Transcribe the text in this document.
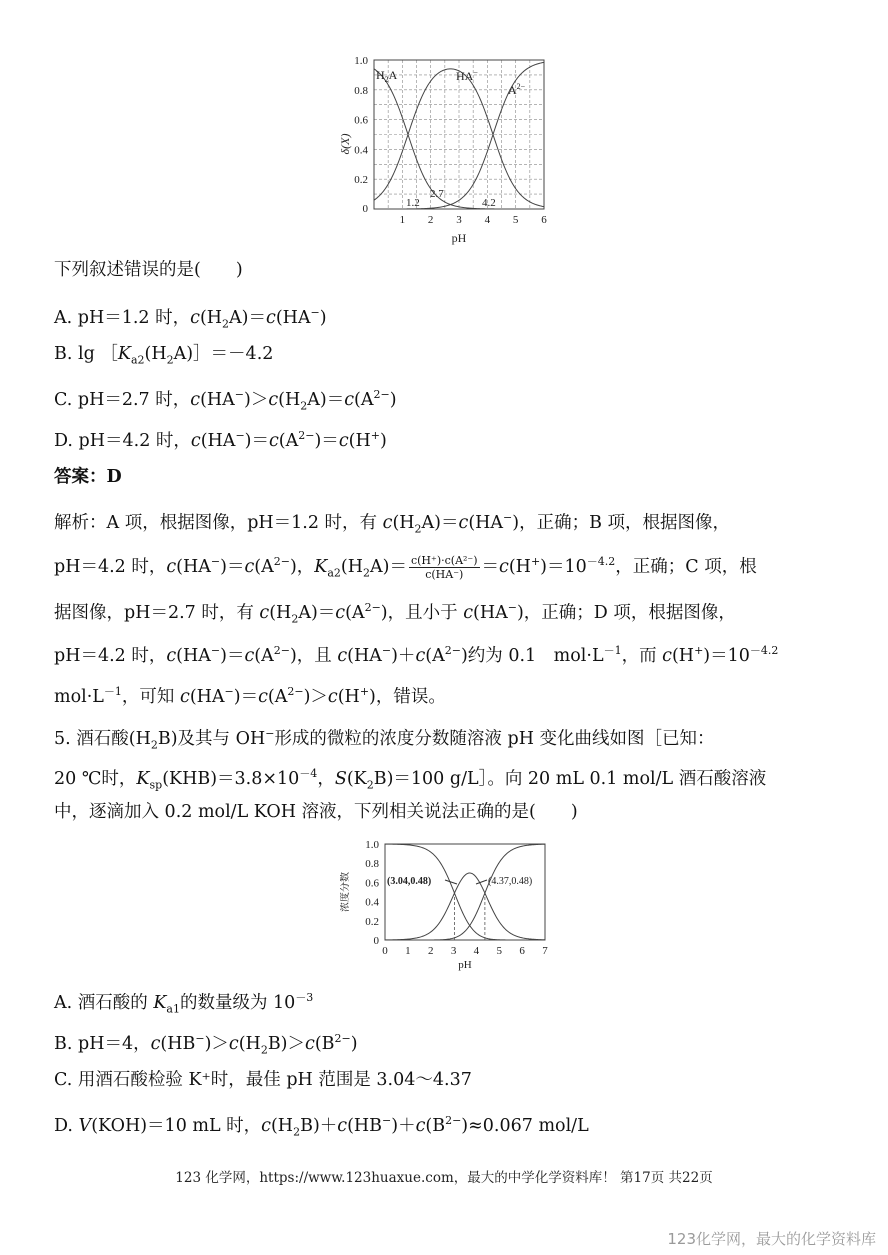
1 2 3 4 5 6
0.2
0.4
0.6
0.8
1.0
δ(X)
pH
0
$H_2A$	HA−
$A^{2-}$
1.2
2.7
4.2
下列叙述错误的是(　　)
A. pH＝1.2 时，$c(H_2A)=c(HA^-)$
B. $\lg [K_{a2}(H_2A)]=-4.2$
C. pH＝2.7 时，$c(HA^-)>c(H_2A)=c(A^{2-})$
D. pH＝4.2 时，$c(HA^-)=c(A^{2-})=c(H^+)$
答案：D
解析：A 项，根据图像，pH＝1.2 时，有 $c(H_2A)=c(HA^-)$，正确；B 项，根据图像，
pH＝4.2 时，$c(HA^-)=c(A^{2-})$，$K_{a2}(H_2A)= \frac{\text{c(H⁺)·c(A²⁻)}}{c(HA^-)} =c(H^+)=10^{-4.2}$，正确；C 项，根
据图像，pH＝2.7 时，有 $c(H_2A)=c(A^{2-})$，且小于 c(HA−)，正确；D 项，根据图像，
pH＝4.2 时，$c(HA^-)=c(A^{2-})$，且 $c(HA^-)+c(A^{2-})$约为 0.1　$mol\cdot L^{-1}$，而 $c(H^+)=10^{-4.2}$
$mol\cdot L^{-1}$，可知 $c(HA^-)=c(A^{2-})>c(H^+)$，错误。
5. 酒石酸$(H_2B)$及其与 OH−形成的微粒的浓度分数随溶液 pH 变化曲线如图［已知：
20 ℃时，$K_{sp}(KHB)=3.8\times 10^{-4}$，$S(K_2B)=100$ g/L］。向 20 mL 0.1 mol/L 酒石酸溶液
中，逐滴加入 0.2 mol/L KOH 溶液，下列相关说法正确的是(　　)
0 1 2 3 4 5 6 7
0
0.2
0.4
0.6
0.8
1.0
浓度分数
pH
(3.04,0.48)	(4.37,0.48)
A. 酒石酸的 $K_{a1}$的数量级为 $10^{-3}$
B. pH＝4，$c(HB^-)>c(H_2B)>c(B^{2-})$
C. 用酒石酸检验 K⁺时，最佳 pH 范围是 3.04～4.37
D. V(KOH)＝10 mL 时，$c(H_2B)+c(HB^-)+c(B^{2-})\approx 0.067$ mol/L
123 化学网，https://www.123huaxue.com，最大的中学化学资料库！ 第17页 共22页
123化学网，最大的化学资料库
